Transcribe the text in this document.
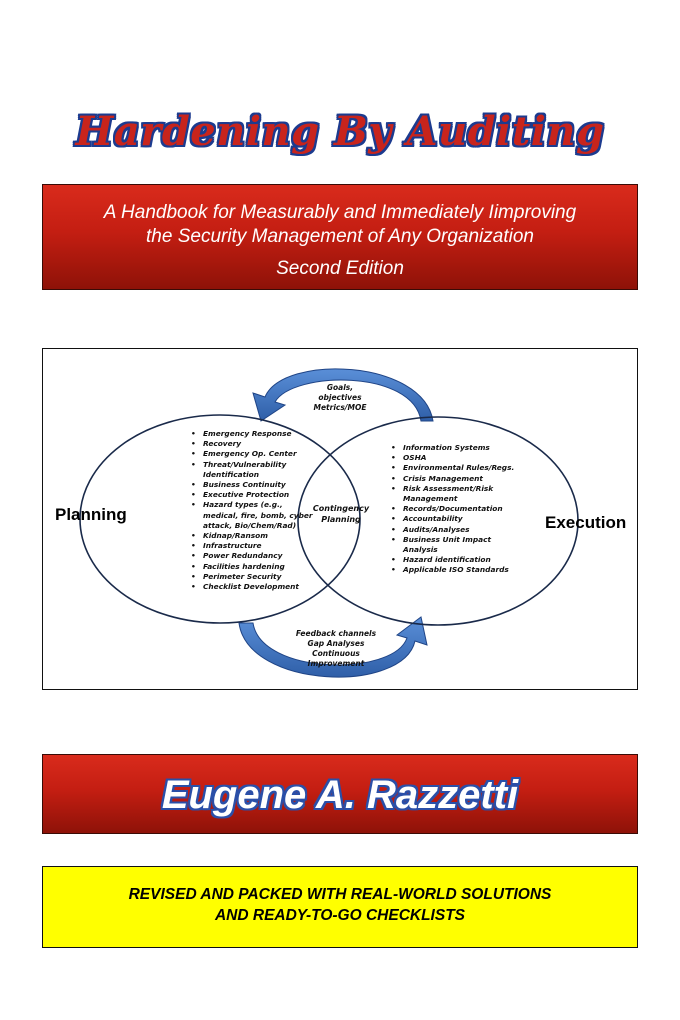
Hardening By Auditing
A Handbook for Measurably and Immediately Iimproving
the Security Management of Any Organization
Second Edition
Goals, objectives
Metrics/MOE
Contingency
Planning
Feedback channels
Gap Analyses
Continuous
Improvement
Planning	Execution
• Emergency Response
• Recovery
• Emergency Op. Center
• Threat/Vulnerability Identification
• Business Continuity
• Executive Protection
• Hazard types (e.g., medical, fire, bomb, cyber attack, Bio/Chem/Rad)
• Kidnap/Ransom
• Infrastructure
• Power Redundancy
• Facilities hardening
• Perimeter Security
• Checklist Development
• Information Systems
• OSHA
• Environmental Rules/Regs.
• Crisis Management
• Risk Assessment/Risk Management
• Records/Documentation
• Accountability
• Audits/Analyses
• Business Unit Impact Analysis
• Hazard identification
• Applicable ISO Standards
Eugene A. Razzetti
REVISED AND PACKED WITH REAL-WORLD SOLUTIONS
AND READY-TO-GO CHECKLISTS
